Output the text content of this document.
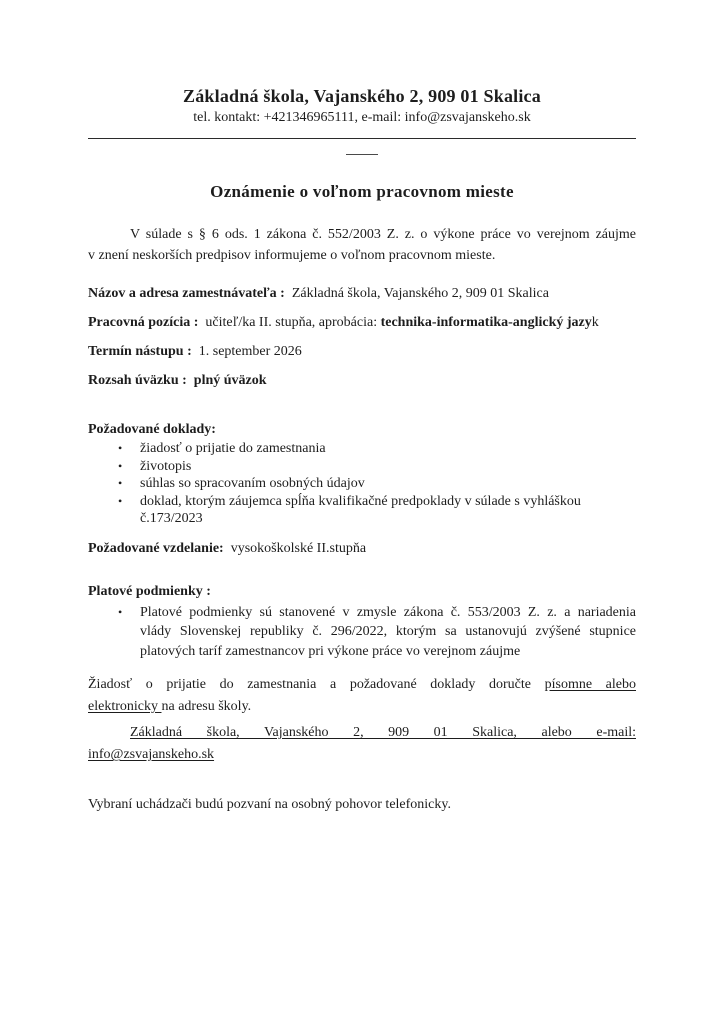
Základná škola, Vajanského 2, 909 01 Skalica
tel. kontakt: +421346965111, e-mail: info@zsvajanskeho.sk
Oznámenie o voľnom pracovnom mieste

V súlade s § 6 ods. 1 zákona č. 552/2003 Z. z. o výkone práce vo verejnom záujme
v znení neskorších predpisov informujeme o voľnom pracovnom mieste.

Názov a adresa zamestnávateľa : Základná škola, Vajanského 2, 909 01 Skalica
Pracovná pozícia : učiteľ/ka II. stupňa, aprobácia: technika-informatika-anglický jazyk
Termín nástupu : 1. september 2026
Rozsah úväzku : plný úväzok
Požadované doklady:
•	žiadosť o prijatie do zamestnania
•	životopis
•	súhlas so spracovaním osobných údajov
•	doklad, ktorým záujemca spĺňa kvalifikačné predpoklady v súlade s vyhláškou č.173/2023
Požadované vzdelanie: vysokoškolské II.stupňa
Platové podmienky :
•	Platové podmienky sú stanovené v zmysle zákona č. 553/2003 Z. z. a nariadenia
vlády Slovenskej republiky č. 296/2022, ktorým sa ustanovujú zvýšené stupnice
platových taríf zamestnancov pri výkone práce vo verejnom záujme

Žiadosť o prijatie do zamestnania a požadované doklady doručte písomne alebo
elektronicky na adresu školy.

Základná škola, Vajanského 2, 909 01 Skalica, alebo e-mail:
info@zsvajanskeho.sk

Vybraní uchádzači budú pozvaní na osobný pohovor telefonicky.
